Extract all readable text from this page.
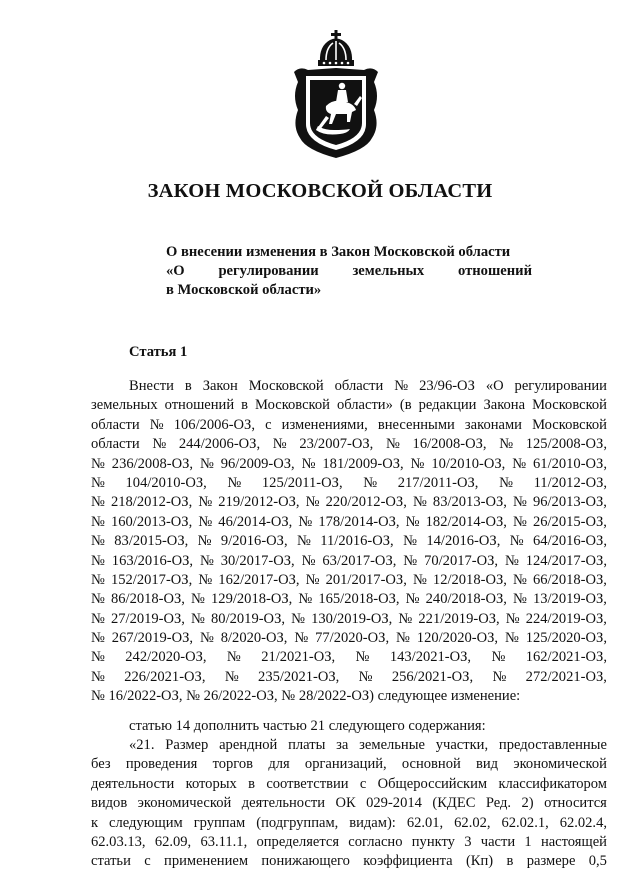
ЗАКОН МОСКОВСКОЙ ОБЛАСТИ
О внесении изменения в Закон Московской области
«О регулировании земельных отношений
в Московской области»
Статья 1
Внести в Закон Московской области № 23/96-ОЗ «О регулировании
земельных отношений в Московской области» (в редакции Закона Московской
области № 106/2006-ОЗ, с изменениями, внесенными законами Московской
области № 244/2006-ОЗ, № 23/2007-ОЗ, № 16/2008-ОЗ, № 125/2008-ОЗ,
№ 236/2008-ОЗ, № 96/2009-ОЗ, № 181/2009-ОЗ, № 10/2010-ОЗ, № 61/2010-ОЗ,
№ 104/2010-ОЗ, № 125/2011-ОЗ, № 217/2011-ОЗ, № 11/2012-ОЗ,
№ 218/2012-ОЗ, № 219/2012-ОЗ, № 220/2012-ОЗ, № 83/2013-ОЗ, № 96/2013-ОЗ,
№ 160/2013-ОЗ, № 46/2014-ОЗ, № 178/2014-ОЗ, № 182/2014-ОЗ, № 26/2015-ОЗ,
№ 83/2015-ОЗ, № 9/2016-ОЗ, № 11/2016-ОЗ, № 14/2016-ОЗ, № 64/2016-ОЗ,
№ 163/2016-ОЗ, № 30/2017-ОЗ, № 63/2017-ОЗ, № 70/2017-ОЗ, № 124/2017-ОЗ,
№ 152/2017-ОЗ, № 162/2017-ОЗ, № 201/2017-ОЗ, № 12/2018-ОЗ, № 66/2018-ОЗ,
№ 86/2018-ОЗ, № 129/2018-ОЗ, № 165/2018-ОЗ, № 240/2018-ОЗ, № 13/2019-ОЗ,
№ 27/2019-ОЗ, № 80/2019-ОЗ, № 130/2019-ОЗ, № 221/2019-ОЗ, № 224/2019-ОЗ,
№ 267/2019-ОЗ, № 8/2020-ОЗ, № 77/2020-ОЗ, № 120/2020-ОЗ, № 125/2020-ОЗ,
№ 242/2020-ОЗ, № 21/2021-ОЗ, № 143/2021-ОЗ, № 162/2021-ОЗ,
№ 226/2021-ОЗ, № 235/2021-ОЗ, № 256/2021-ОЗ, № 272/2021-ОЗ,
№ 16/2022-ОЗ, № 26/2022-ОЗ, № 28/2022-ОЗ) следующее изменение:
статью 14 дополнить частью 21 следующего содержания:
«21. Размер арендной платы за земельные участки, предоставленные
без проведения торгов для организаций, основной вид экономической
деятельности которых в соответствии с Общероссийским классификатором
видов экономической деятельности ОК 029-2014 (КДЕС Ред. 2) относится
к следующим группам (подгруппам, видам): 62.01, 62.02, 62.02.1, 62.02.4,
62.03.13, 62.09, 63.11.1, определяется согласно пункту 3 части 1 настоящей
статьи с применением понижающего коэффициента (Кп) в размере 0,5
